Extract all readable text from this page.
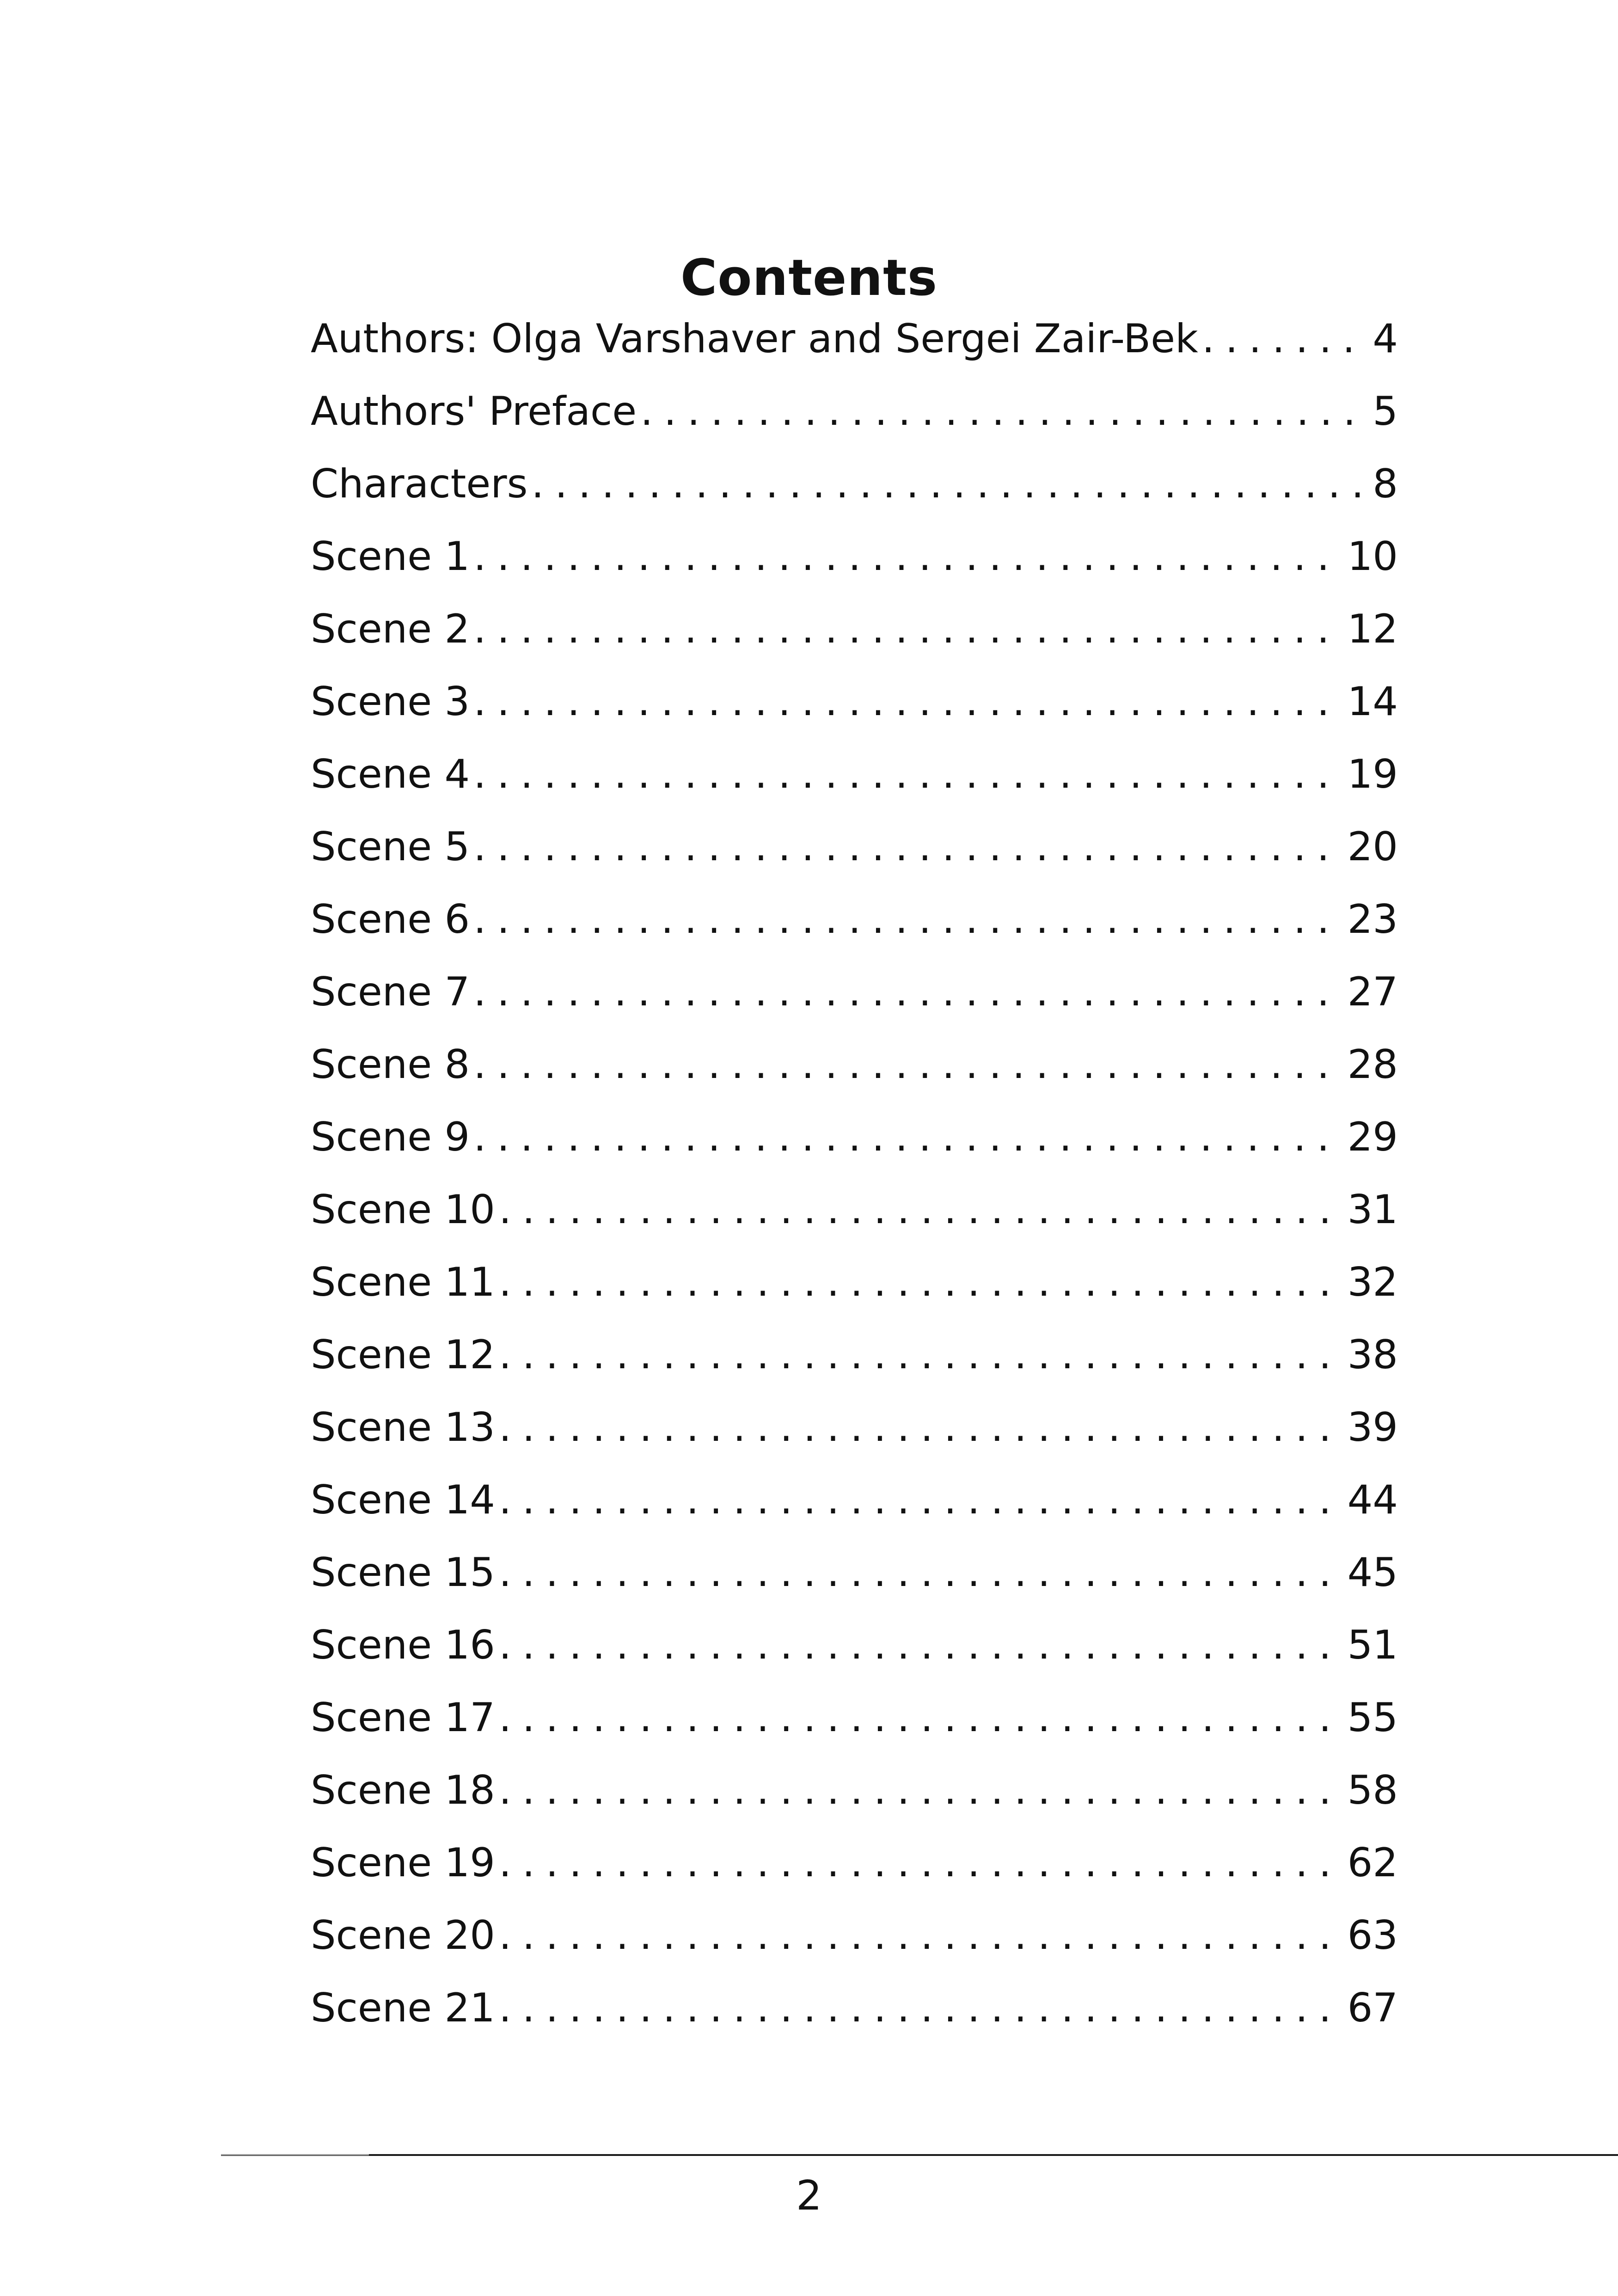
Contents
Authors: Olga Varshaver and Sergei Zair-Bek . . .	4
Authors' Preface . . .	5
Characters . . .	8
Scene 1 . . .	10
Scene 2 . . .	12
Scene 3 . . .	14
Scene 4 . . .	19
Scene 5 . . .	20
Scene 6 . . .	23
Scene 7 . . .	27
Scene 8 . . .	28
Scene 9 . . .	29
Scene 10 . . .	31
Scene 11 . . .	32
Scene 12 . . .	38
Scene 13 . . .	39
Scene 14 . . .	44
Scene 15 . . .	45
Scene 16 . . .	51
Scene 17 . . .	55
Scene 18 . . .	58
Scene 19 . . .	62
Scene 20 . . .	63
Scene 21 . . .	67
2
